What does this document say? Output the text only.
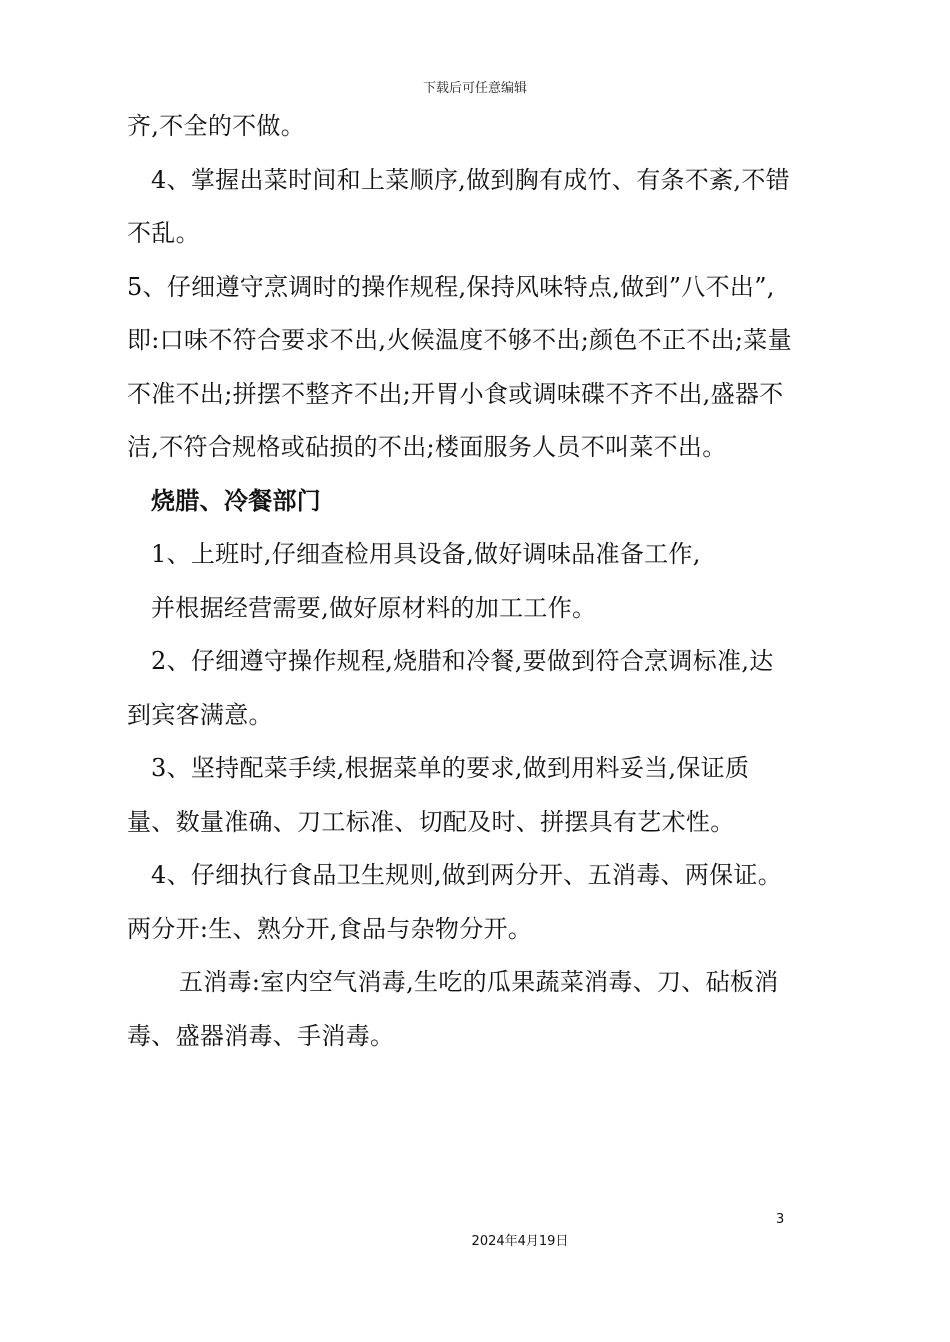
下载后可任意编辑

齐,不全的不做。

4、掌握出菜时间和上菜顺序,做到胸有成竹、有条不紊,不错不乱。

5、仔细遵守烹调时的操作规程,保持风味特点,做到”八不出”,即:口味不符合要求不出,火候温度不够不出;颜色不正不出;菜量不准不出;拼摆不整齐不出;开胃小食或调味碟不齐不出,盛器不洁,不符合规格或砧损的不出;楼面服务人员不叫菜不出。

烧腊、冷餐部门

1、上班时,仔细查检用具设备,做好调味品准备工作,

并根据经营需要,做好原材料的加工工作。

2、仔细遵守操作规程,烧腊和冷餐,要做到符合烹调标准,达到宾客满意。

3、坚持配菜手续,根据菜单的要求,做到用料妥当,保证质量、数量准确、刀工标准、切配及时、拼摆具有艺术性。

4、仔细执行食品卫生规则,做到两分开、五消毒、两保证。两分开:生、熟分开,食品与杂物分开。

五消毒:室内空气消毒,生吃的瓜果蔬菜消毒、刀、砧板消毒、盛器消毒、手消毒。

3
2024年4月19日
